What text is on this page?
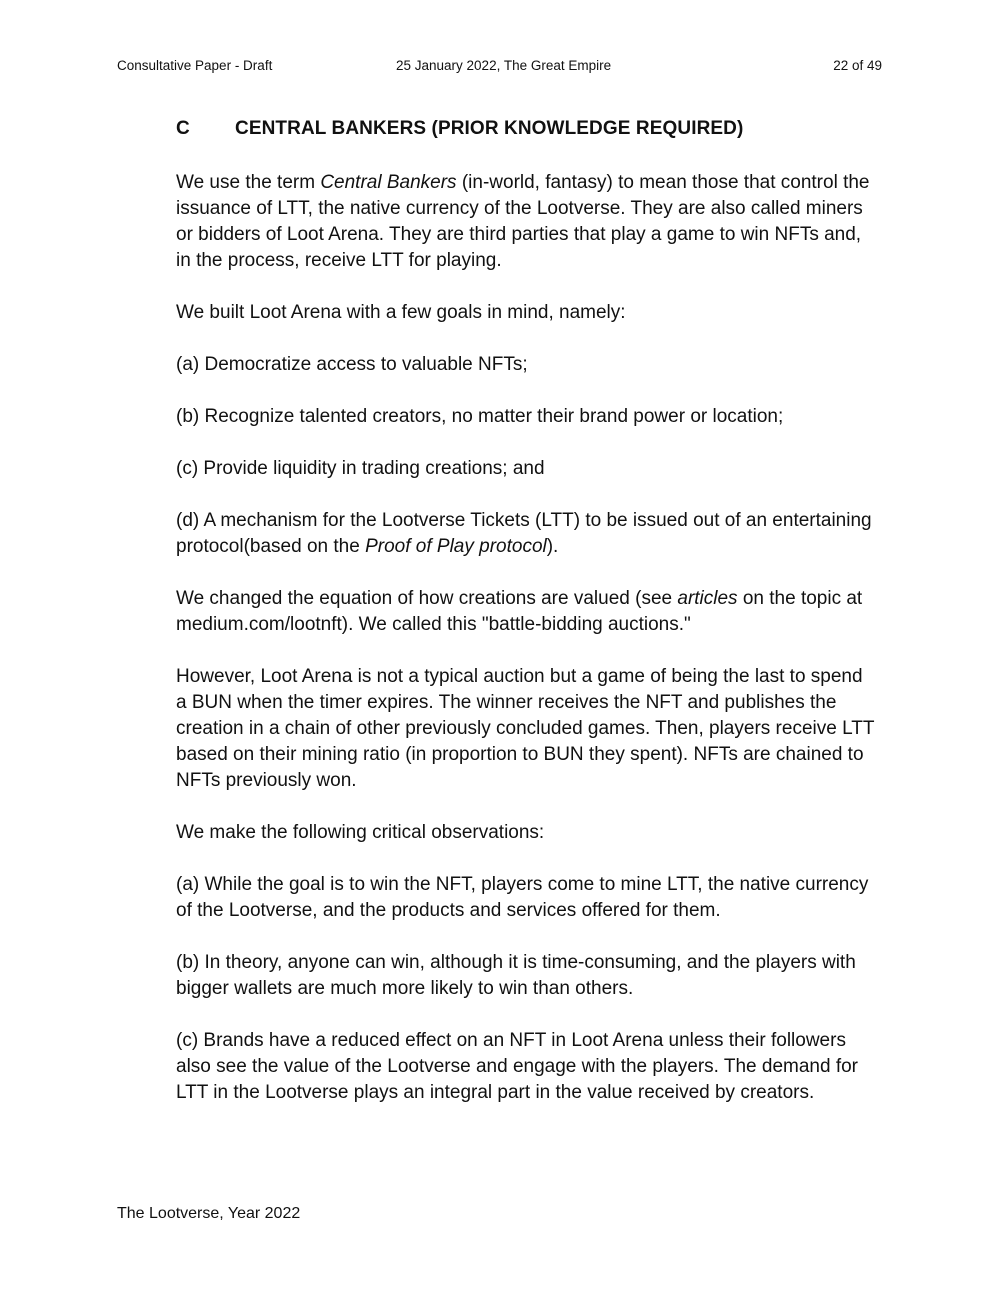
Consultative Paper - Draft	25 January 2022, The Great Empire	22 of 49
C CENTRAL BANKERS (PRIOR KNOWLEDGE REQUIRED)

We use the term Central Bankers (in-world, fantasy) to mean those that control the issuance of LTT, the native currency of the Lootverse. They are also called miners or bidders of Loot Arena. They are third parties that play a game to win NFTs and, in the process, receive LTT for playing.

We built Loot Arena with a few goals in mind, namely:

(a) Democratize access to valuable NFTs;

(b) Recognize talented creators, no matter their brand power or location;

(c) Provide liquidity in trading creations; and

(d) A mechanism for the Lootverse Tickets (LTT) to be issued out of an entertaining protocol(based on the Proof of Play protocol).

We changed the equation of how creations are valued (see articles on the topic at medium.com/lootnft). We called this "battle-bidding auctions."

However, Loot Arena is not a typical auction but a game of being the last to spend a BUN when the timer expires. The winner receives the NFT and publishes the creation in a chain of other previously concluded games. Then, players receive LTT based on their mining ratio (in proportion to BUN they spent). NFTs are chained to NFTs previously won.

We make the following critical observations:

(a) While the goal is to win the NFT, players come to mine LTT, the native currency of the Lootverse, and the products and services offered for them.

(b) In theory, anyone can win, although it is time-consuming, and the players with bigger wallets are much more likely to win than others.

(c) Brands have a reduced effect on an NFT in Loot Arena unless their followers also see the value of the Lootverse and engage with the players. The demand for LTT in the Lootverse plays an integral part in the value received by creators.

The Lootverse, Year 2022
